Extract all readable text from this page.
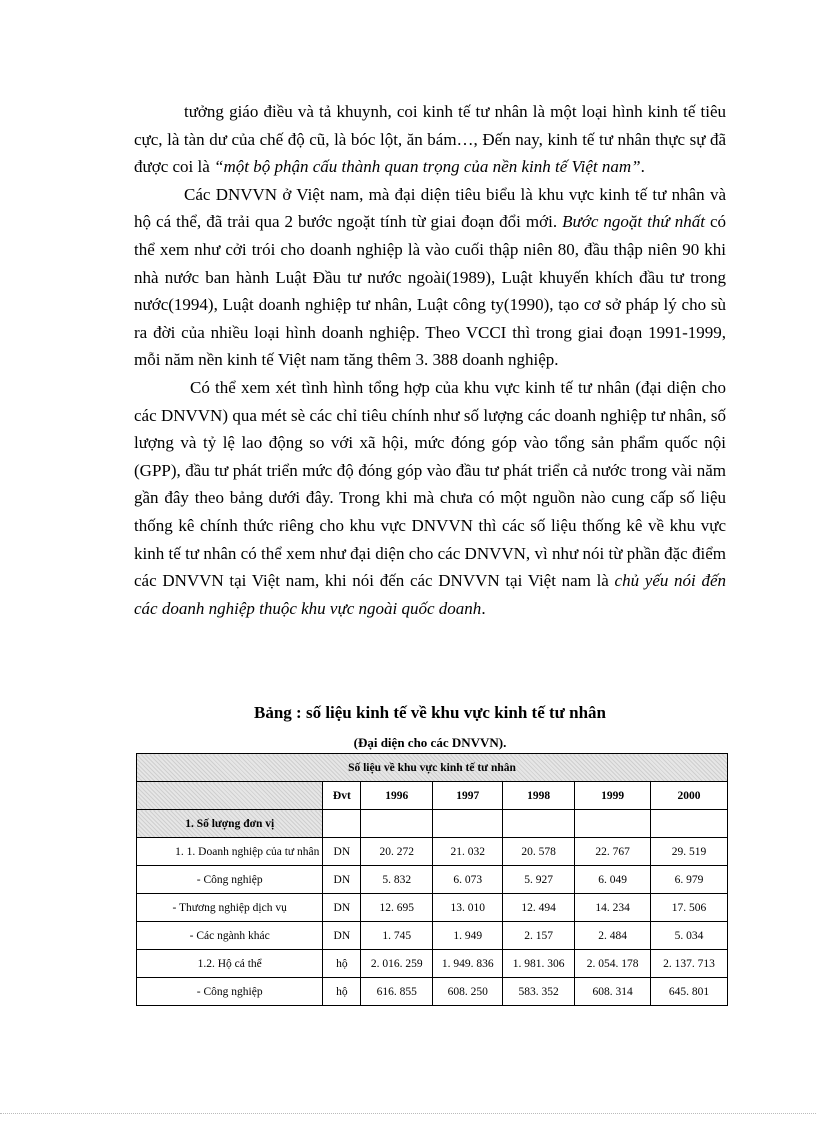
tưởng giáo điều và tả khuynh, coi kinh tế tư nhân là một loại hình kinh tế tiêu cực, là tàn dư của chế độ cũ, là bóc lột, ăn bám…, Đến nay, kinh tế tư nhân thực sự đã được coi là “một bộ phận cấu thành quan trọng của nền kinh tế Việt nam”.

Các DNVVN ở Việt nam, mà đại diện tiêu biểu là khu vực kinh tế tư nhân và hộ cá thể, đã trải qua 2 bước ngoặt tính từ giai đoạn đổi mới. Bước ngoặt thứ nhất có thể xem như cởi trói cho doanh nghiệp là vào cuối thập niên 80, đầu thập niên 90 khi nhà nước ban hành Luật Đầu tư nước ngoài(1989), Luật khuyến khích đầu tư trong nước(1994), Luật doanh nghiệp tư nhân, Luật công ty(1990), tạo cơ sở pháp lý cho sù ra đời của nhiều loại hình doanh nghiệp. Theo VCCI thì trong giai đoạn 1991-1999, mỗi năm nền kinh tế Việt nam tăng thêm 3. 388 doanh nghiệp.

Có thể xem xét tình hình tổng hợp của khu vực kinh tế tư nhân (đại diện cho các DNVVN) qua mét sè các chỉ tiêu chính như số lượng các doanh nghiệp tư nhân, số lượng và tỷ lệ lao động so với xã hội, mức đóng góp vào tổng sản phẩm quốc nội (GPP), đầu tư phát triển mức độ đóng góp vào đầu tư phát triển cả nước trong vài năm gần đây theo bảng dưới đây. Trong khi mà chưa có một nguồn nào cung cấp số liệu thống kê chính thức riêng cho khu vực DNVVN thì các số liệu thống kê về khu vực kinh tế tư nhân có thể xem như đại diện cho các DNVVN, vì như nói từ phần đặc điểm các DNVVN tại Việt nam, khi nói đến các DNVVN tại Việt nam là chủ yếu nói đến các doanh nghiệp thuộc khu vực ngoài quốc doanh.

Bảng : số liệu kinh tế về khu vực kinh tế tư nhân
(Đại diện cho các DNVVN).
Số liệu về khu vực kinh tế tư nhân						
	Đvt	1996	1997	1998	1999	2000
1. Số lượng đơn vị						
1. 1. Doanh nghiệp của tư nhân	DN	20. 272	21. 032	20. 578	22. 767	29. 519
- Công nghiệp	DN	5. 832	6. 073	5. 927	6. 049	6. 979
- Thương nghiệp dịch vụ	DN	12. 695	13. 010	12. 494	14. 234	17. 506
- Các ngành khác	DN	1. 745	1. 949	2. 157	2. 484	5. 034
1.2. Hộ cá thể	hộ	2. 016. 259	1. 949. 836	1. 981. 306	2. 054. 178	2. 137. 713
- Công nghiệp	hộ	616. 855	608. 250	583. 352	608. 314	645. 801
